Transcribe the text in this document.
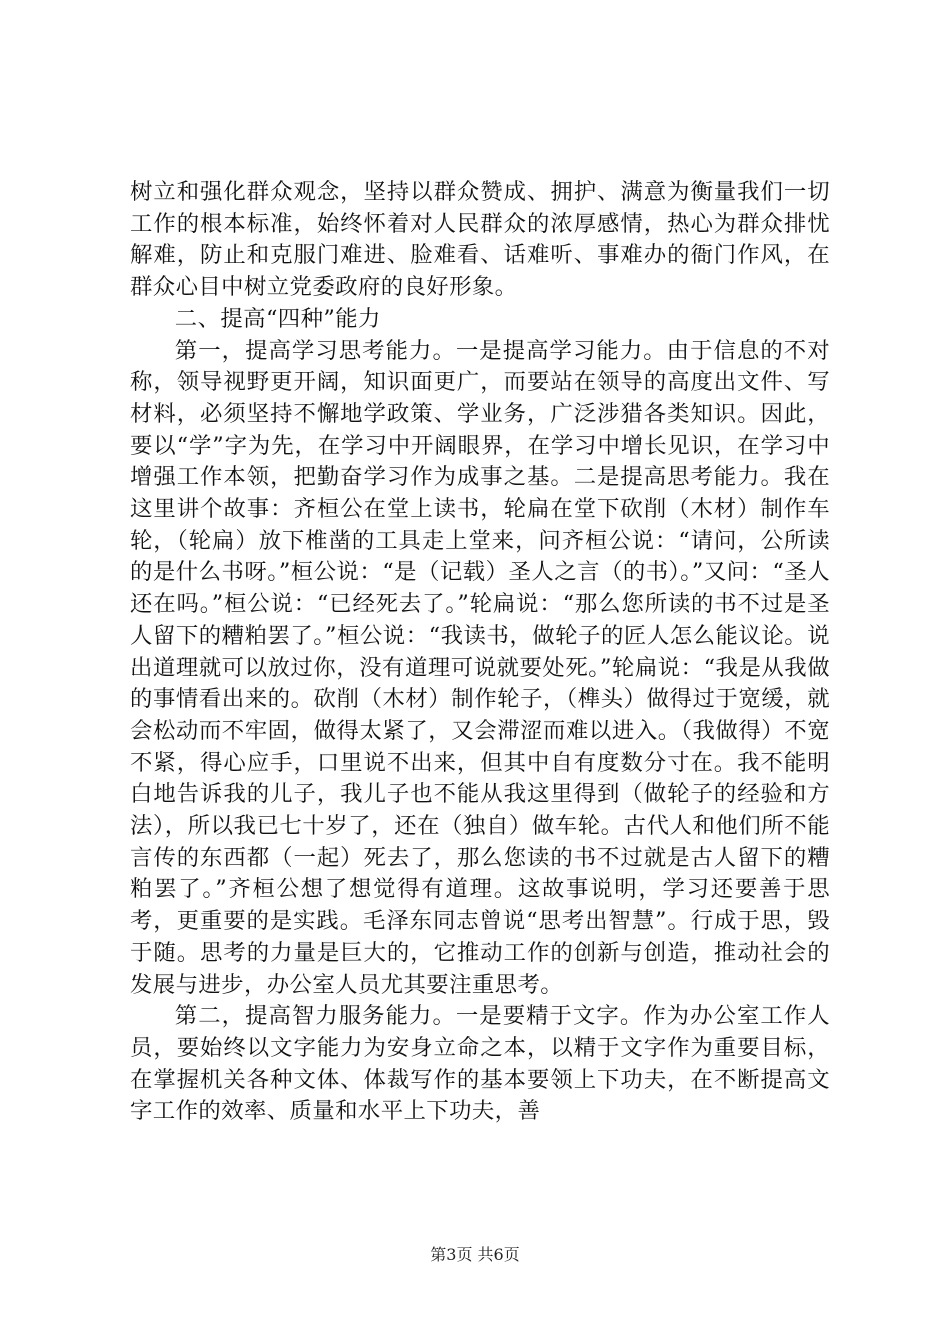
树立和强化群众观念，坚持以群众赞成、拥护、满意为衡量我们一切工作的根本标准，始终怀着对人民群众的浓厚感情，热心为群众排忧解难，防止和克服门难进、脸难看、话难听、事难办的衙门作风，在群众心目中树立党委政府的良好形象。

二、提高“四种”能力

第一，提高学习思考能力。一是提高学习能力。由于信息的不对称，领导视野更开阔，知识面更广，而要站在领导的高度出文件、写材料，必须坚持不懈地学政策、学业务，广泛涉猎各类知识。因此，要以“学”字为先，在学习中开阔眼界，在学习中增长见识，在学习中增强工作本领，把勤奋学习作为成事之基。二是提高思考能力。我在这里讲个故事：齐桓公在堂上读书，轮扁在堂下砍削（木材）制作车轮，（轮扁）放下椎凿的工具走上堂来，问齐桓公说：“请问，公所读的是什么书呀。”桓公说：“是（记载）圣人之言（的书）。”又问：“圣人还在吗。”桓公说：“已经死去了。”轮扁说：“那么您所读的书不过是圣人留下的糟粕罢了。”桓公说：“我读书，做轮子的匠人怎么能议论。说出道理就可以放过你，没有道理可说就要处死。”轮扁说：“我是从我做的事情看出来的。砍削（木材）制作轮子，（榫头）做得过于宽缓，就会松动而不牢固，做得太紧了，又会滞涩而难以进入。（我做得）不宽不紧，得心应手，口里说不出来，但其中自有度数分寸在。我不能明白地告诉我的儿子，我儿子也不能从我这里得到（做轮子的经验和方法），所以我已七十岁了，还在（独自）做车轮。古代人和他们所不能言传的东西都（一起）死去了，那么您读的书不过就是古人留下的糟粕罢了。”齐桓公想了想觉得有道理。这故事说明，学习还要善于思考，更重要的是实践。毛泽东同志曾说“思考出智慧”。行成于思，毁于随。思考的力量是巨大的，它推动工作的创新与创造，推动社会的发展与进步，办公室人员尤其要注重思考。

第二，提高智力服务能力。一是要精于文字。作为办公室工作人员，要始终以文字能力为安身立命之本，以精于文字作为重要目标，在掌握机关各种文体、体裁写作的基本要领上下功夫，在不断提高文字工作的效率、质量和水平上下功夫，善

第3页 共6页
